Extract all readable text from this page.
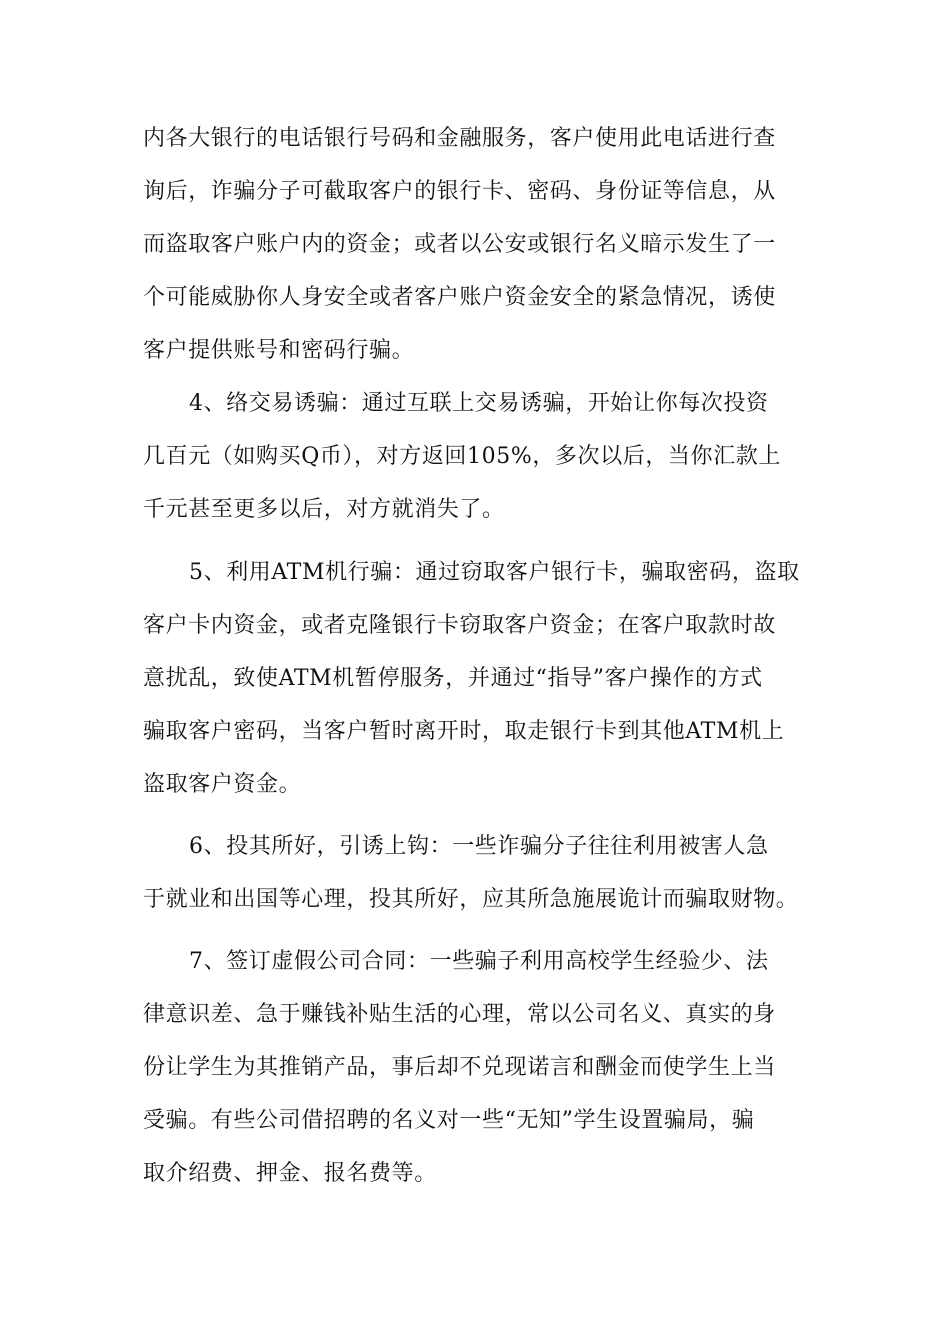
内各大银行的电话银行号码和金融服务，客户使用此电话进行查
询后，诈骗分子可截取客户的银行卡、密码、身份证等信息，从
而盗取客户账户内的资金；或者以公安或银行名义暗示发生了一
个可能威胁你人身安全或者客户账户资金安全的紧急情况，诱使
客户提供账号和密码行骗。
4、络交易诱骗：通过互联上交易诱骗，开始让你每次投资
几百元（如购买Q币），对方返回105%，多次以后，当你汇款上
千元甚至更多以后，对方就消失了。
5、利用ATM机行骗：通过窃取客户银行卡，骗取密码，盗取
客户卡内资金，或者克隆银行卡窃取客户资金；在客户取款时故
意扰乱，致使ATM机暂停服务，并通过“指导”客户操作的方式
骗取客户密码，当客户暂时离开时，取走银行卡到其他ATM机上
盗取客户资金。
6、投其所好，引诱上钩：一些诈骗分子往往利用被害人急
于就业和出国等心理，投其所好，应其所急施展诡计而骗取财物。
7、签订虚假公司合同：一些骗子利用高校学生经验少、法
律意识差、急于赚钱补贴生活的心理，常以公司名义、真实的身
份让学生为其推销产品，事后却不兑现诺言和酬金而使学生上当
受骗。有些公司借招聘的名义对一些“无知”学生设置骗局，骗
取介绍费、押金、报名费等。
